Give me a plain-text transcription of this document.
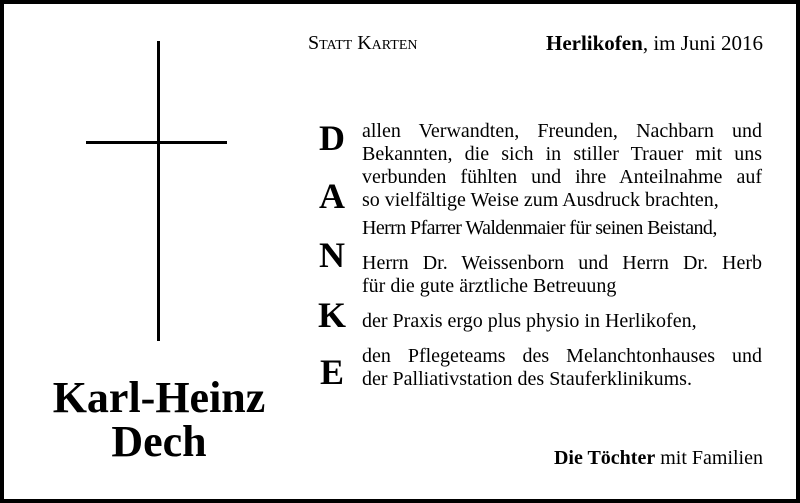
Karl-Heinz
Dech
Statt Karten	Herlikofen, im Juni 2016
D
A
N
K
E
allen Verwandten, Freunden, Nachbarn und
Bekannten, die sich in stiller Trauer mit uns
verbunden fühlten und ihre Anteilnahme auf
so vielfältige Weise zum Ausdruck brachten,
Herrn Pfarrer Waldenmaier für seinen Beistand,
Herrn Dr. Weissenborn und Herrn Dr. Herb
für die gute ärztliche Betreuung
der Praxis ergo plus physio in Herlikofen,
den Pflegeteams des Melanchtonhauses und
der Palliativstation des Stauferklinikums.
Die Töchter mit Familien
